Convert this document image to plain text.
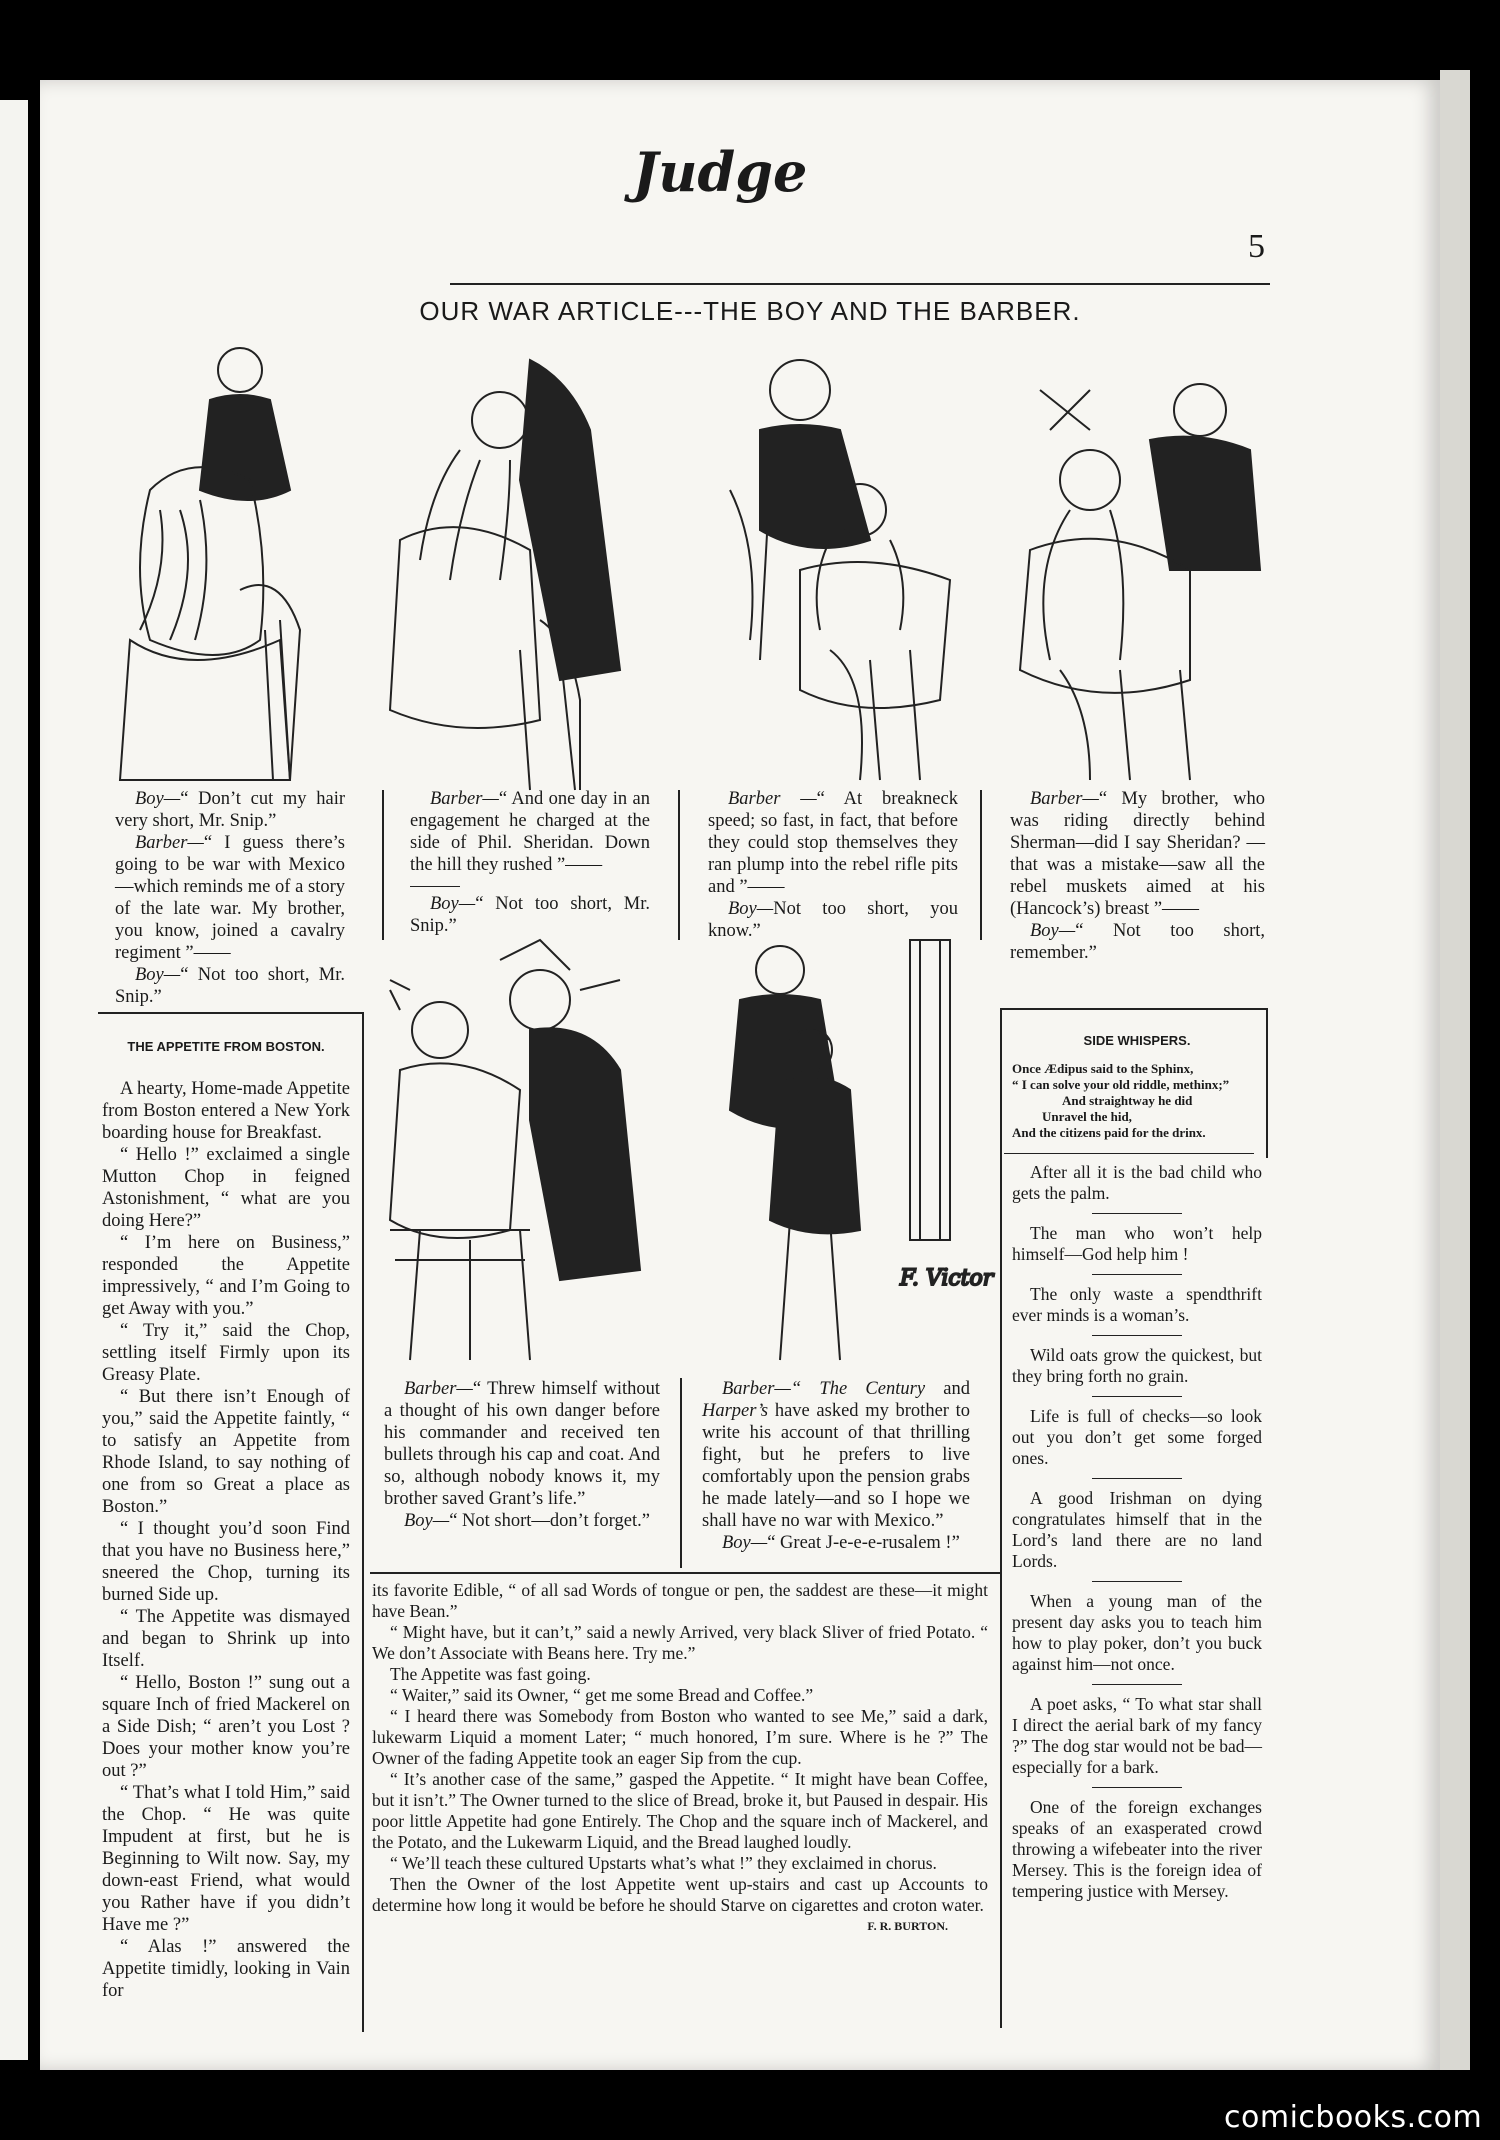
Judge
5
OUR WAR ARTICLE---THE BOY AND THE BARBER.

Boy—“ Don’t cut my hair very short, Mr. Snip.”

Barber—“ I guess there’s going to be war with Mexico —which reminds me of a story of the late war. My brother, you know, joined a cavalry regiment ”——

Boy—“ Not too short, Mr. Snip.”

Barber—“ And one day in an engagement he charged at the side of Phil. Sheridan. Down the hill they rushed ”——

Boy—“ Not too short, Mr. Snip.”

Barber —“ At breakneck speed; so fast, in fact, that before they could stop themselves they ran plump into the rebel rifle pits and ”——

Boy—Not too short, you know.”

Barber—“ My brother, who was riding directly behind Sherman—did I say Sheridan? —that was a mistake—saw all the rebel muskets aimed at his (Hancock’s) breast ”——

Boy—“ Not too short, remember.”

THE APPETITE FROM BOSTON.

A hearty, Home-made Appetite from Boston entered a New York boarding house for Breakfast.

“ Hello !” exclaimed a single Mutton Chop in feigned Astonishment, “ what are you doing Here?”

“ I’m here on Business,” responded the Appetite impressively, “ and I’m Going to get Away with you.”

“ Try it,” said the Chop, settling itself Firmly upon its Greasy Plate.

“ But there isn’t Enough of you,” said the Appetite faintly, “ to satisfy an Appetite from Rhode Island, to say nothing of one from so Great a place as Boston.”

“ I thought you’d soon Find that you have no Business here,” sneered the Chop, turning its burned Side up.

“ The Appetite was dismayed and began to Shrink up into Itself.

“ Hello, Boston !” sung out a square Inch of fried Mackerel on a Side Dish; “ aren’t you Lost ? Does your mother know you’re out ?”

“ That’s what I told Him,” said the Chop. “ He was quite Impudent at first, but he is Beginning to Wilt now. Say, my down-east Friend, what would you Rather have if you didn’t Have me ?”

“ Alas !” answered the Appetite timidly, looking in Vain for

F. Victor

Barber—“ Threw himself without a thought of his own danger before his commander and received ten bullets through his cap and coat. And so, although nobody knows it, my brother saved Grant’s life.”

Boy—“ Not short—don’t forget.”

Barber—“ The Century and Harper’s have asked my brother to write his account of that thrilling fight, but he prefers to live comfortably upon the pension grabs he made lately—and so I hope we shall have no war with Mexico.”

Boy—“ Great J-e-e-e-rusalem !”

its favorite Edible, “ of all sad Words of tongue or pen, the saddest are these—it might have Bean.”

“ Might have, but it can’t,” said a newly Arrived, very black Sliver of fried Potato. “ We don’t Associate with Beans here. Try me.”

The Appetite was fast going.

“ Waiter,” said its Owner, “ get me some Bread and Coffee.”

“ I heard there was Somebody from Boston who wanted to see Me,” said a dark, lukewarm Liquid a moment Later; “ much honored, I’m sure. Where is he ?” The Owner of the fading Appetite took an eager Sip from the cup.

“ It’s another case of the same,” gasped the Appetite. “ It might have bean Coffee, but it isn’t.” The Owner turned to the slice of Bread, broke it, but Paused in despair. His poor little Appetite had gone Entirely. The Chop and the square inch of Mackerel, and the Potato, and the Lukewarm Liquid, and the Bread laughed loudly.

“ We’ll teach these cultured Upstarts what’s what !” they exclaimed in chorus.

Then the Owner of the lost Appetite went up-stairs and cast up Accounts to determine how long it would be before he should Starve on cigarettes and croton water.

F. R. BURTON.
SIDE WHISPERS.
Once Ædipus said to the Sphinx,
“ I can solve your old riddle, methinx;”
And straightway he did
Unravel the hid,
And the citizens paid for the drinx.

After all it is the bad child who gets the palm.

The man who won’t help himself—God help him !

The only waste a spendthrift ever minds is a woman’s.

Wild oats grow the quickest, but they bring forth no grain.

Life is full of checks—so look out you don’t get some forged ones.

A good Irishman on dying congratulates himself that in the Lord’s land there are no land Lords.

When a young man of the present day asks you to teach him how to play poker, don’t you buck against him—not once.

A poet asks, “ To what star shall I direct the aerial bark of my fancy ?” The dog star would not be bad—especially for a bark.

One of the foreign exchanges speaks of an exasperated crowd throwing a wifebeater into the river Mersey. This is the foreign idea of tempering justice with Mersey.

comicbooks.com
